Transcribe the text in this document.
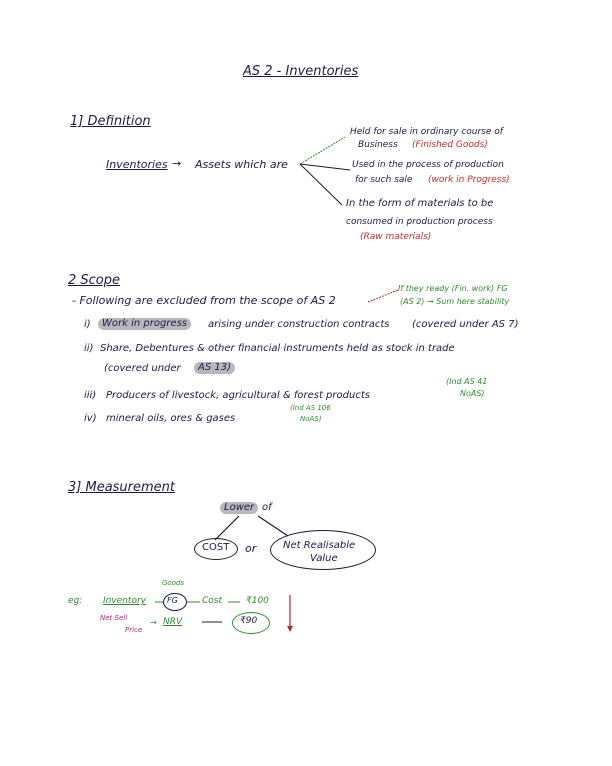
AS 2 - Inventories
1] Definition
Inventories → Assets which are
Held for sale in ordinary course of
Business (Finished Goods)
Used in the process of production
for such sale (work in Progress)
In the form of materials to be
consumed in production process
(Raw materials)
2 Scope
- Following are excluded from the scope of AS 2
If they ready (Fin. work) FG
(AS 2) → Sum here stability
i)	Work in progress	arising under construction contracts (covered under AS 7)
ii) Share, Debentures & other financial instruments held as stock in trade
(covered under	AS 13)
iii) Producers of livestock, agricultural & forest products
(Ind AS 41
NoAS)
iv) mineral oils, ores & gases
(Ind AS 106
NoAS)
3] Measurement
Lower of
COST or	Net Realisable
Value
eg: Inventory
Goods
FG	Cost	₹100
Net Sell
Price
→ NRV	₹90
